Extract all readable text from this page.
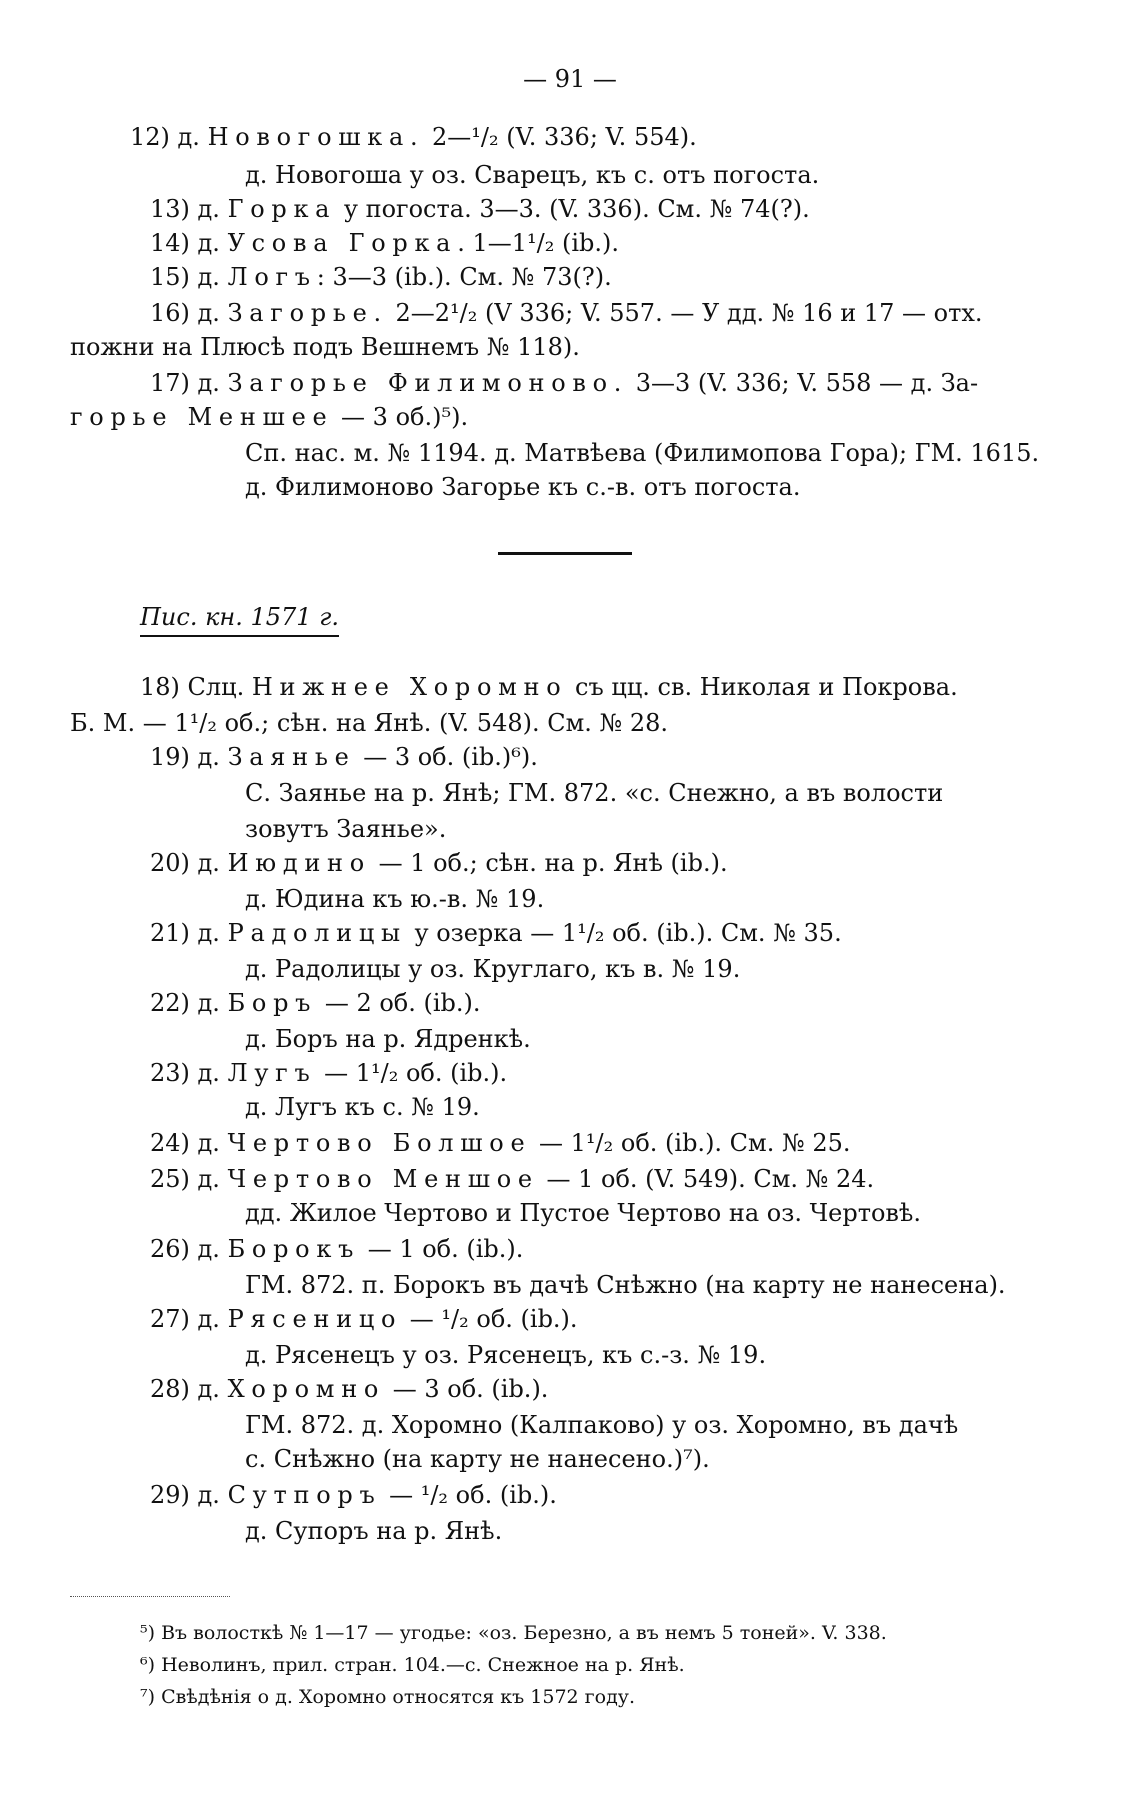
— 91 —
12) д. Новогошка. 2—¹/₂ (V. 336; V. 554).
д. Новогоша у оз. Сварецъ, къ с. отъ погоста.
13) д. Горка у погоста. 3—3. (V. 336). См. № 74(?).
14) д. Усова Горка. 1—1¹/₂ (ib.).
15) д. Логъ: 3—3 (ib.). См. № 73(?).
16) д. Загорье. 2—2¹/₂ (V 336; V. 557. — У дд. № 16 и 17 — отх.
пожни на Плюсѣ подъ Вешнемъ № 118).
17) д. Загорье Филимоново. 3—3 (V. 336; V. 558 — д. За-
горье Меншее — 3 об.)⁵).
Сп. нас. м. № 1194. д. Матвѣева (Филимопова Гора); ГМ. 1615.
д. Филимоново Загорье къ с.-в. отъ погоста.
Пис. кн. 1571 г.
18) Слц. Нижнее Хоромно съ цц. св. Николая и Покрова.
Б. М. — 1¹/₂ об.; сѣн. на Янѣ. (V. 548). См. № 28.
19) д. Заянье — 3 об. (ib.)⁶).
С. Заянье на р. Янѣ; ГМ. 872. «с. Снежно, а въ волости
зовутъ Заянье».
20) д. Июдино — 1 об.; сѣн. на р. Янѣ (ib.).
д. Юдина къ ю.-в. № 19.
21) д. Радолицы у озерка — 1¹/₂ об. (ib.). См. № 35.
д. Радолицы у оз. Круглаго, къ в. № 19.
22) д. Боръ — 2 об. (ib.).
д. Боръ на р. Ядренкѣ.
23) д. Лугъ — 1¹/₂ об. (ib.).
д. Лугъ къ с. № 19.
24) д. Чертово Болшое — 1¹/₂ об. (ib.). См. № 25.
25) д. Чертово Меншое — 1 об. (V. 549). См. № 24.
дд. Жилое Чертово и Пустое Чертово на оз. Чертовѣ.
26) д. Борокъ — 1 об. (ib.).
ГМ. 872. п. Борокъ въ дачѣ Снѣжно (на карту не нанесена).
27) д. Рясеницо — ¹/₂ об. (ib.).
д. Рясенецъ у оз. Рясенецъ, къ с.-з. № 19.
28) д. Хоромно — 3 об. (ib.).
ГМ. 872. д. Хоромно (Калпаково) у оз. Хоромно, въ дачѣ
с. Снѣжно (на карту не нанесено.)⁷).
29) д. Сутпоръ — ¹/₂ об. (ib.).
д. Супоръ на р. Янѣ.
⁵) Въ волосткѣ № 1—17 — угодье: «оз. Березно, а въ немъ 5 тоней». V. 338.
⁶) Неволинъ, прил. стран. 104.—с. Снежное на р. Янѣ.
⁷) Свѣдѣнія о д. Хоромно относятся къ 1572 году.
